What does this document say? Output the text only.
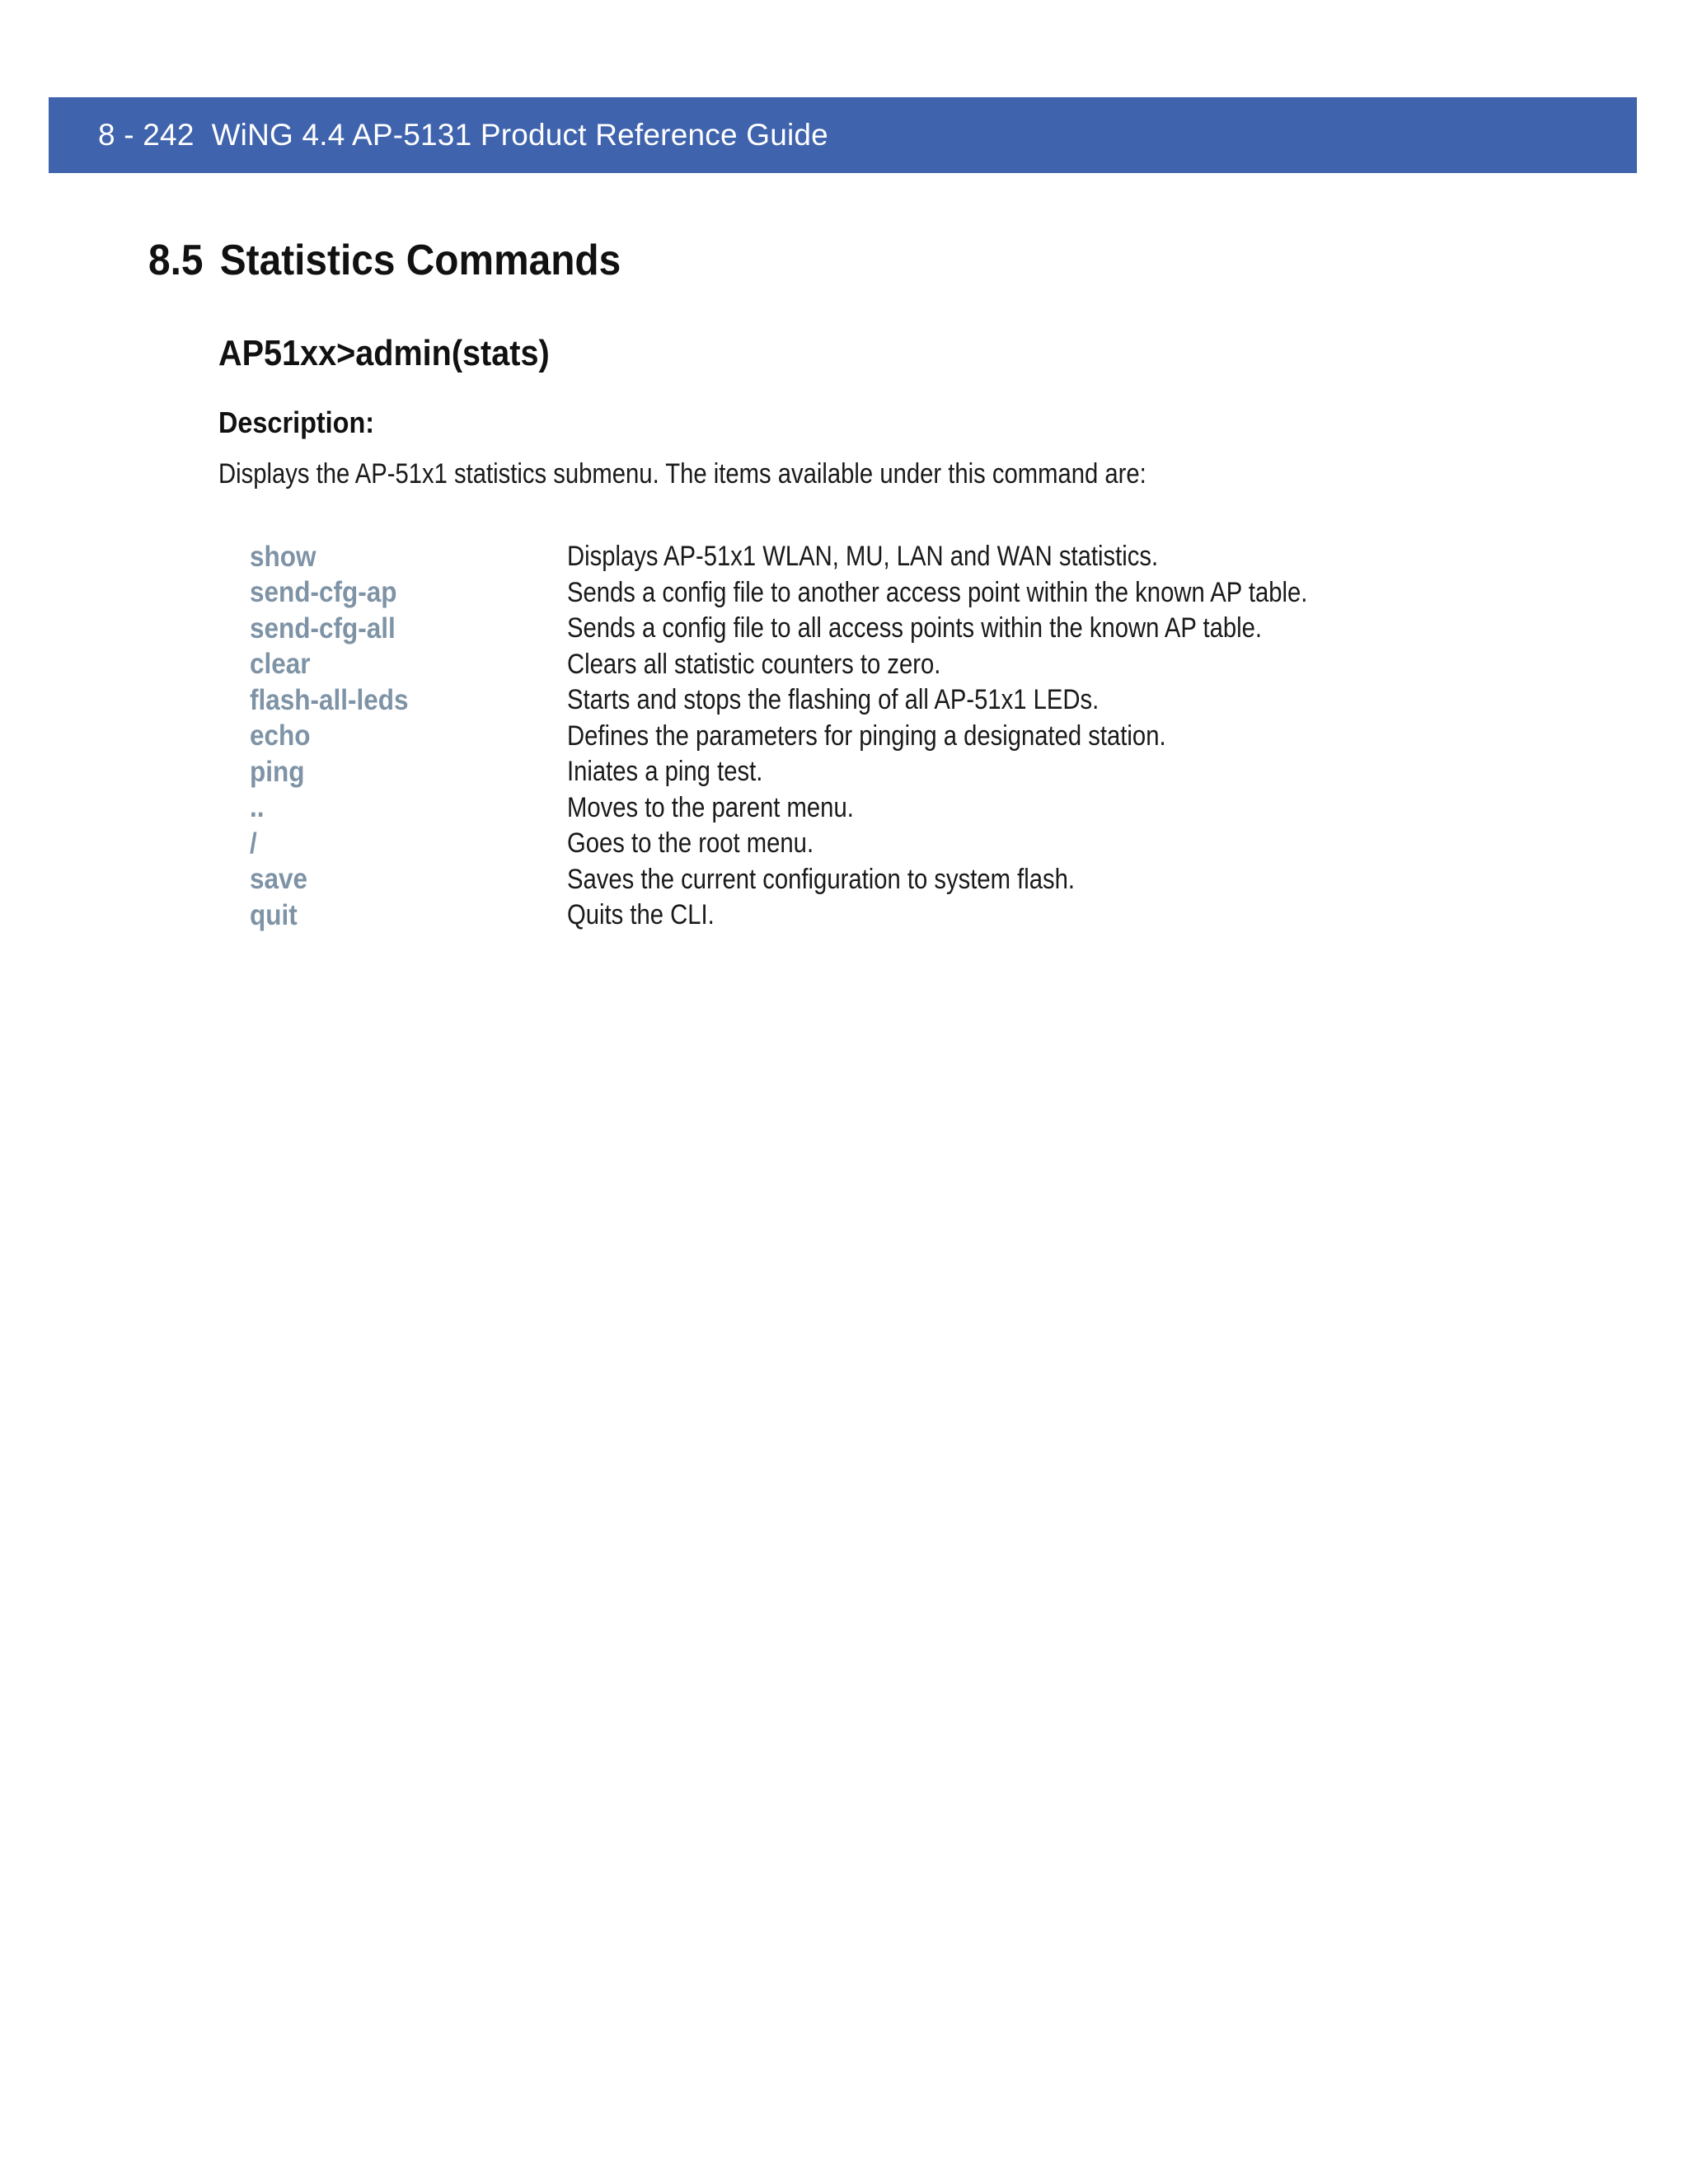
8 - 242
WiNG 4.4 AP-5131 Product Reference Guide
8.5 Statistics Commands
AP51xx>admin(stats)
Description:
Displays the AP-51x1 statistics submenu. The items available under this command are:
show	Displays AP-51x1 WLAN, MU, LAN and WAN statistics.
send-cfg-ap	Sends a config file to another access point within the known AP table.
send-cfg-all	Sends a config file to all access points within the known AP table.
clear	Clears all statistic counters to zero.
flash-all-leds	Starts and stops the flashing of all AP-51x1 LEDs.
echo	Defines the parameters for pinging a designated station.
ping	Iniates a ping test.
..	Moves to the parent menu.
/	Goes to the root menu.
save	Saves the current configuration to system flash.
quit	Quits the CLI.
